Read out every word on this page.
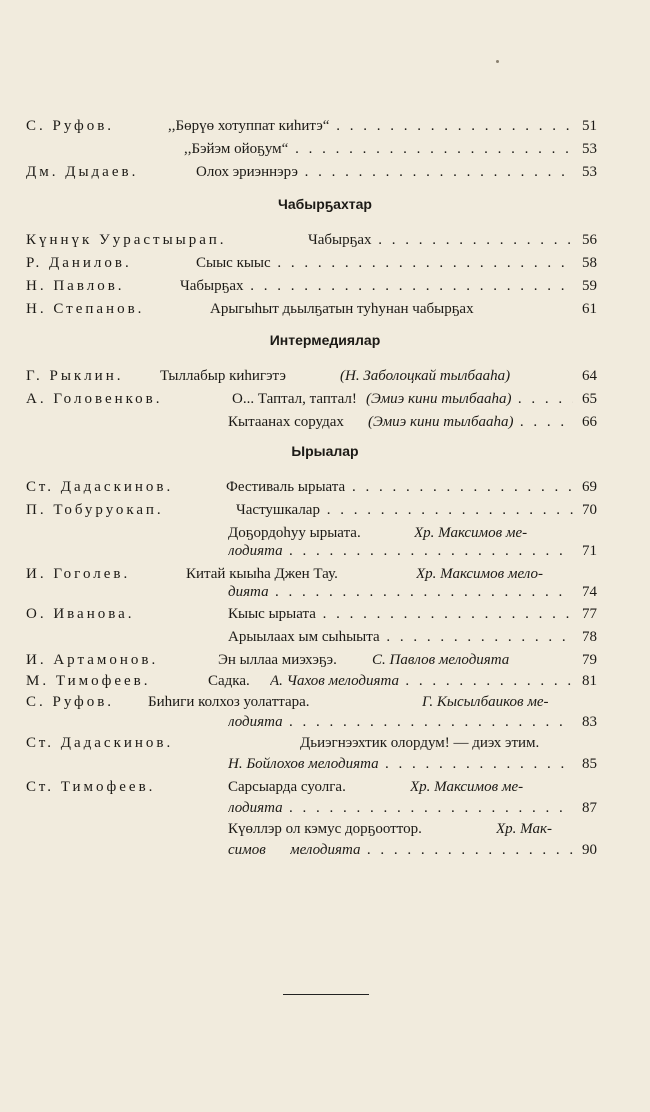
С. Руфов.	,,Бөрүө хотуппат киһитэ“ . . .	51
,,Бэйэм ойоҕум“ . . .	53
Дм. Дыдаев.	Олох эриэннэрэ . . .	53
Чабырҕахтар
Күннүк Уурастыырап.	Чабырҕах . . .	56
Р. Данилов.	Сыыс кыыс . . .	58
Н. Павлов.	Чабырҕах . . .	59
Н. Степанов.	Арыгыһыт дьылҕатын туһунан чабырҕах	61
Интермедиялар
Г. Рыклин. Тыллабыр киһигэтэ	(Н. Заболоцкай тылбааһа)	64
А. Головенков.	О... Таптал, таптал! (Эмиэ кини тылбааһа) . . .	65
Кытаанах сорудах (Эмиэ кини тылбааһа) . . .	66
Ырыалар
Ст. Дадаскинов.	Фестиваль ырыата . . .	69
П. Тобуруокап.	Частушкалар . . .	70
Доҕордоһуу ырыата.	Хр. Максимов ме-
лодията . . .	71
И. Гоголев.	Китай кыыһа Джен Тау.	Хр. Максимов мело-
дията . . .	74
О. Иванова.	Кыыс ырыата . . .	77
Арыылаах ым сыһыыта . . .	78
И. Артамонов.	Эн ыллаа миэхэҕэ. С. Павлов мелодията	79
М. Тимофеев.	Садка. А. Чахов мелодията . . .	81
С. Руфов. Биһиги колхоз уолаттара.	Г. Кысылбаиков ме-
лодията . . .	83
Ст. Дадаскинов.	Дьиэгнээхтик олордум! — диэх этим.
Н. Бойлохов мелодията . . .	85
Ст. Тимофеев.	Сарсыарда суолга.	Хр. Максимов ме-
лодията . . .	87
Күөллэр ол кэмус дорҕооттор.	Хр. Мак-
симов мелодията . . .	90
